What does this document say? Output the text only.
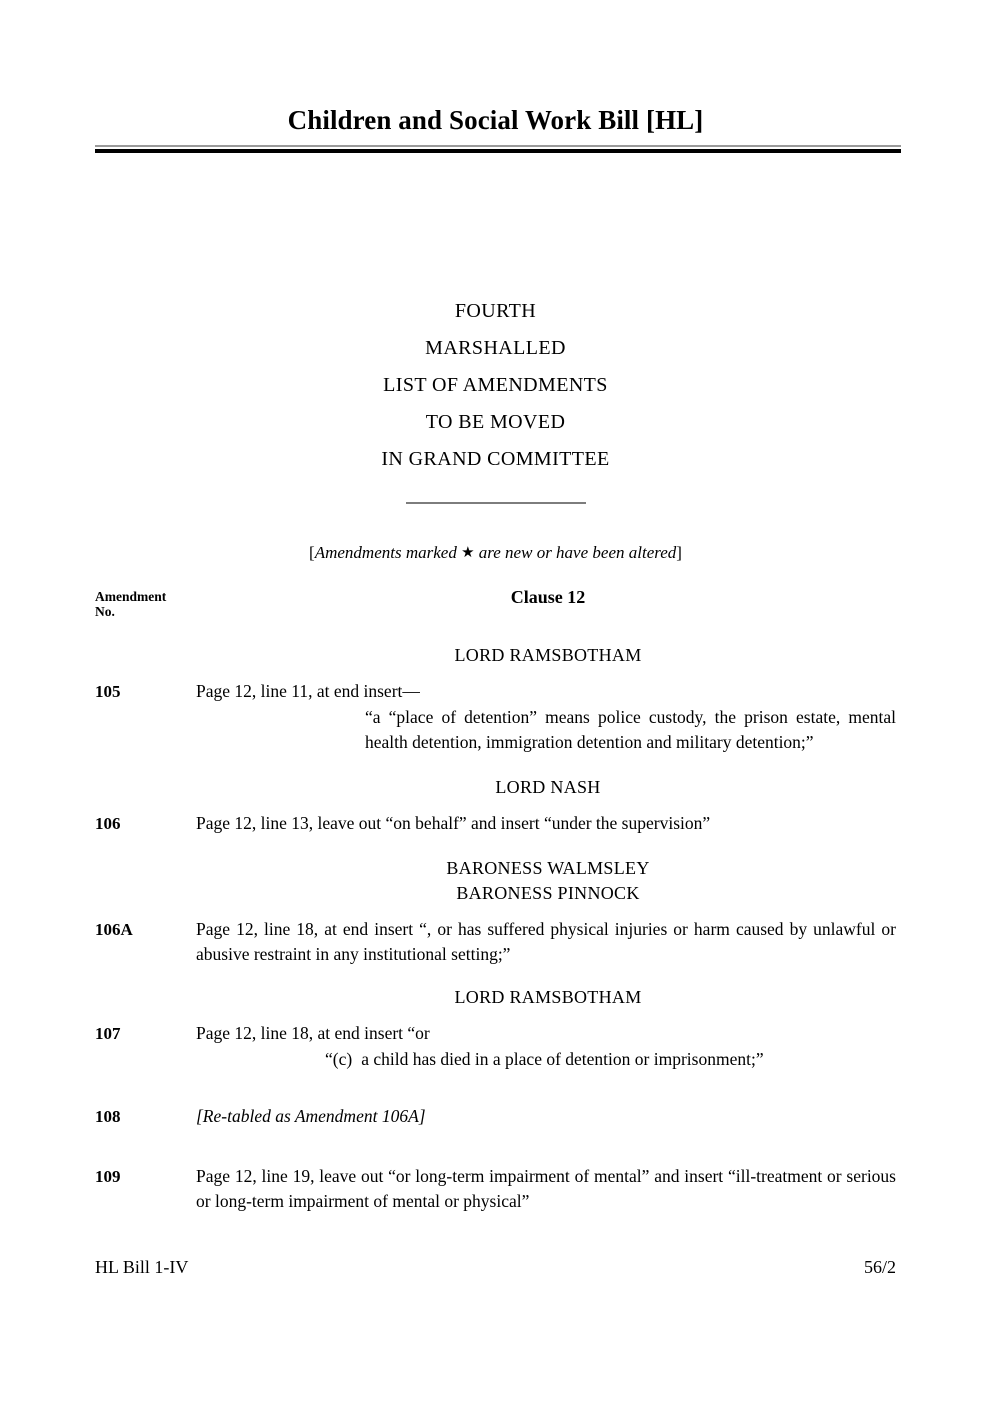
Children and Social Work Bill [HL]
FOURTH
MARSHALLED
LIST OF AMENDMENTS
TO BE MOVED
IN GRAND COMMITTEE
[Amendments marked ★ are new or have been altered]
Amendment
No.
Clause 12
LORD RAMSBOTHAM
105	Page 12, line 11, at end insert—
“a “place of detention” means police custody, the prison estate, mental health detention, immigration detention and military detention;”
LORD NASH
106	Page 12, line 13, leave out “on behalf” and insert “under the supervision”
BARONESS WALMSLEY
BARONESS PINNOCK
106A	Page 12, line 18, at end insert “, or has suffered physical injuries or harm caused by unlawful or abusive restraint in any institutional setting;”
LORD RAMSBOTHAM
107	Page 12, line 18, at end insert “or
“(c) a child has died in a place of detention or imprisonment;”
108	[Re-tabled as Amendment 106A]
109	Page 12, line 19, leave out “or long-term impairment of mental” and insert “ill-treatment or serious or long-term impairment of mental or physical”
HL Bill 1-IV	56/2
